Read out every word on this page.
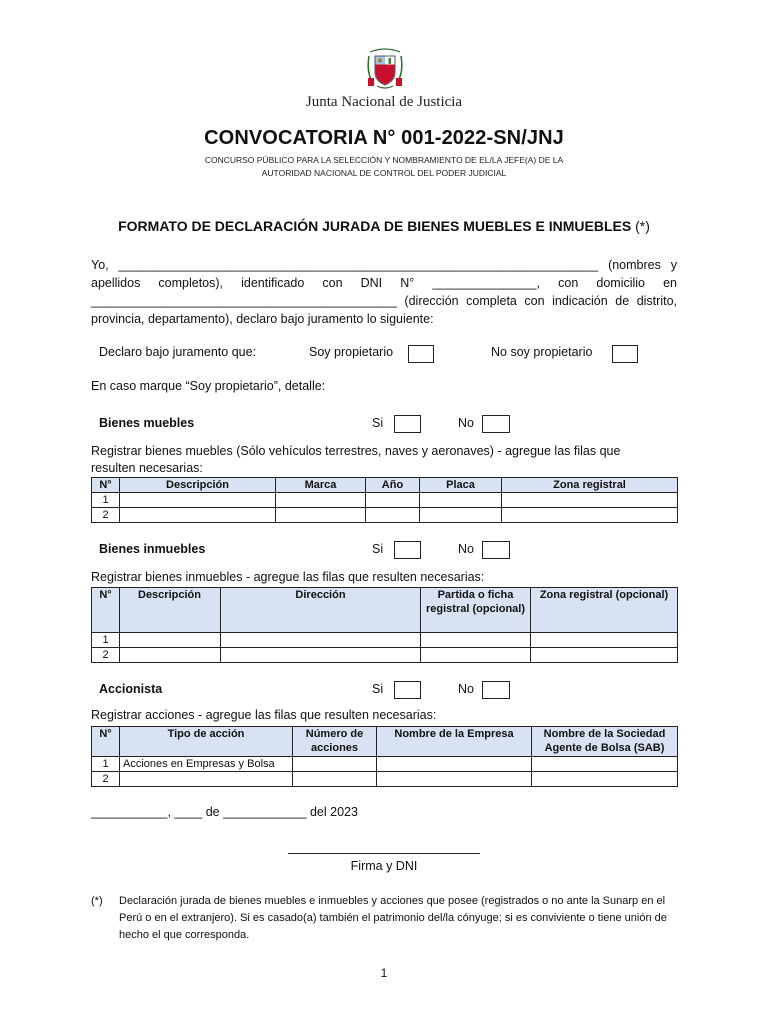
Junta Nacional de Justicia
CONVOCATORIA N° 001-2022-SN/JNJ
CONCURSO PÚBLICO PARA LA SELECCIÓN Y NOMBRAMIENTO DE EL/LA JEFE(A) DE LA
AUTORIDAD NACIONAL DE CONTROL DEL PODER JUDICIAL
FORMATO DE DECLARACIÓN JURADA DE BIENES MUEBLES E INMUEBLES (*)
Yo, _____________________________________________________________________ (nombres y apellidos completos), identificado con DNI N° _______________, con domicilio en ____________________________________________ (dirección completa con indicación de distrito, provincia, departamento), declaro bajo juramento lo siguiente:
Declaro bajo juramento que:	Soy propietario	No soy propietario
En caso marque “Soy propietario”, detalle:
Bienes muebles	Si	No
Registrar bienes muebles (Sólo vehículos terrestres, naves y aeronaves) - agregue las filas que
resulten necesarias:
N°	Descripción	Marca	Año	Placa	Zona registral
1					
2					
Bienes inmuebles	Si	No
Registrar bienes inmuebles - agregue las filas que resulten necesarias:
N°	Descripción	Dirección	Partida o ficha registral (opcional)	Zona registral (opcional)
1				
2				
Accionista	Si	No
Registrar acciones - agregue las filas que resulten necesarias:
N°	Tipo de acción	Número de acciones	Nombre de la Empresa	Nombre de la Sociedad Agente de Bolsa (SAB)
1	Acciones en Empresas y Bolsa			
2				
___________, ____ de ____________ del 2023
Firma y DNI
(*) Declaración jurada de bienes muebles e inmuebles y acciones que posee (registrados o no ante la Sunarp en el Perú o en el extranjero). Si es casado(a) también el patrimonio del/la cónyuge; si es conviviente o tiene unión de hecho el que corresponda.
1
